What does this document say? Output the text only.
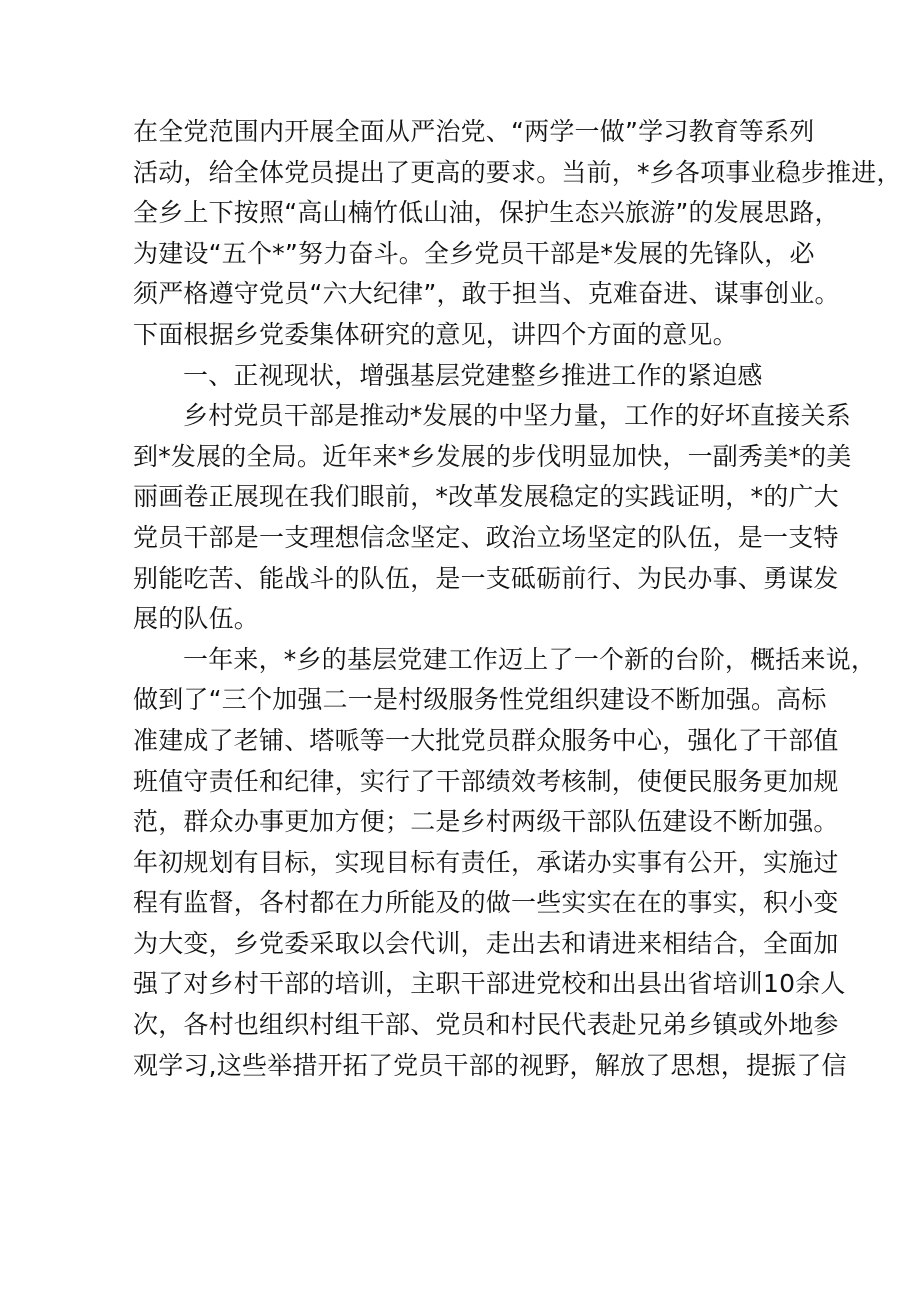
在全党范围内开展全面从严治党、“两学一做”学习教育等系列
活动，给全体党员提出了更高的要求。当前，*乡各项事业稳步推进，
全乡上下按照“高山楠竹低山油，保护生态兴旅游”的发展思路，
为建设“五个*”努力奋斗。全乡党员干部是*发展的先锋队，必
须严格遵守党员“六大纪律”，敢于担当、克难奋进、谋事创业。
下面根据乡党委集体研究的意见，讲四个方面的意见。
一、正视现状，增强基层党建整乡推进工作的紧迫感
乡村党员干部是推动*发展的中坚力量，工作的好坏直接关系
到*发展的全局。近年来*乡发展的步伐明显加快，一副秀美*的美
丽画卷正展现在我们眼前，*改革发展稳定的实践证明，*的广大
党员干部是一支理想信念坚定、政治立场坚定的队伍，是一支特
别能吃苦、能战斗的队伍，是一支砥砺前行、为民办事、勇谋发
展的队伍。
一年来，*乡的基层党建工作迈上了一个新的台阶，概括来说，
做到了“三个加强二一是村级服务性党组织建设不断加强。高标
准建成了老铺、塔哌等一大批党员群众服务中心，强化了干部值
班值守责任和纪律，实行了干部绩效考核制，使便民服务更加规
范，群众办事更加方便；二是乡村两级干部队伍建设不断加强。
年初规划有目标，实现目标有责任，承诺办实事有公开，实施过
程有监督，各村都在力所能及的做一些实实在在的事实，积小变
为大变，乡党委采取以会代训，走出去和请进来相结合，全面加
强了对乡村干部的培训，主职干部进党校和出县出省培训10余人
次，各村也组织村组干部、党员和村民代表赴兄弟乡镇或外地参
观学习,这些举措开拓了党员干部的视野，解放了思想，提振了信
